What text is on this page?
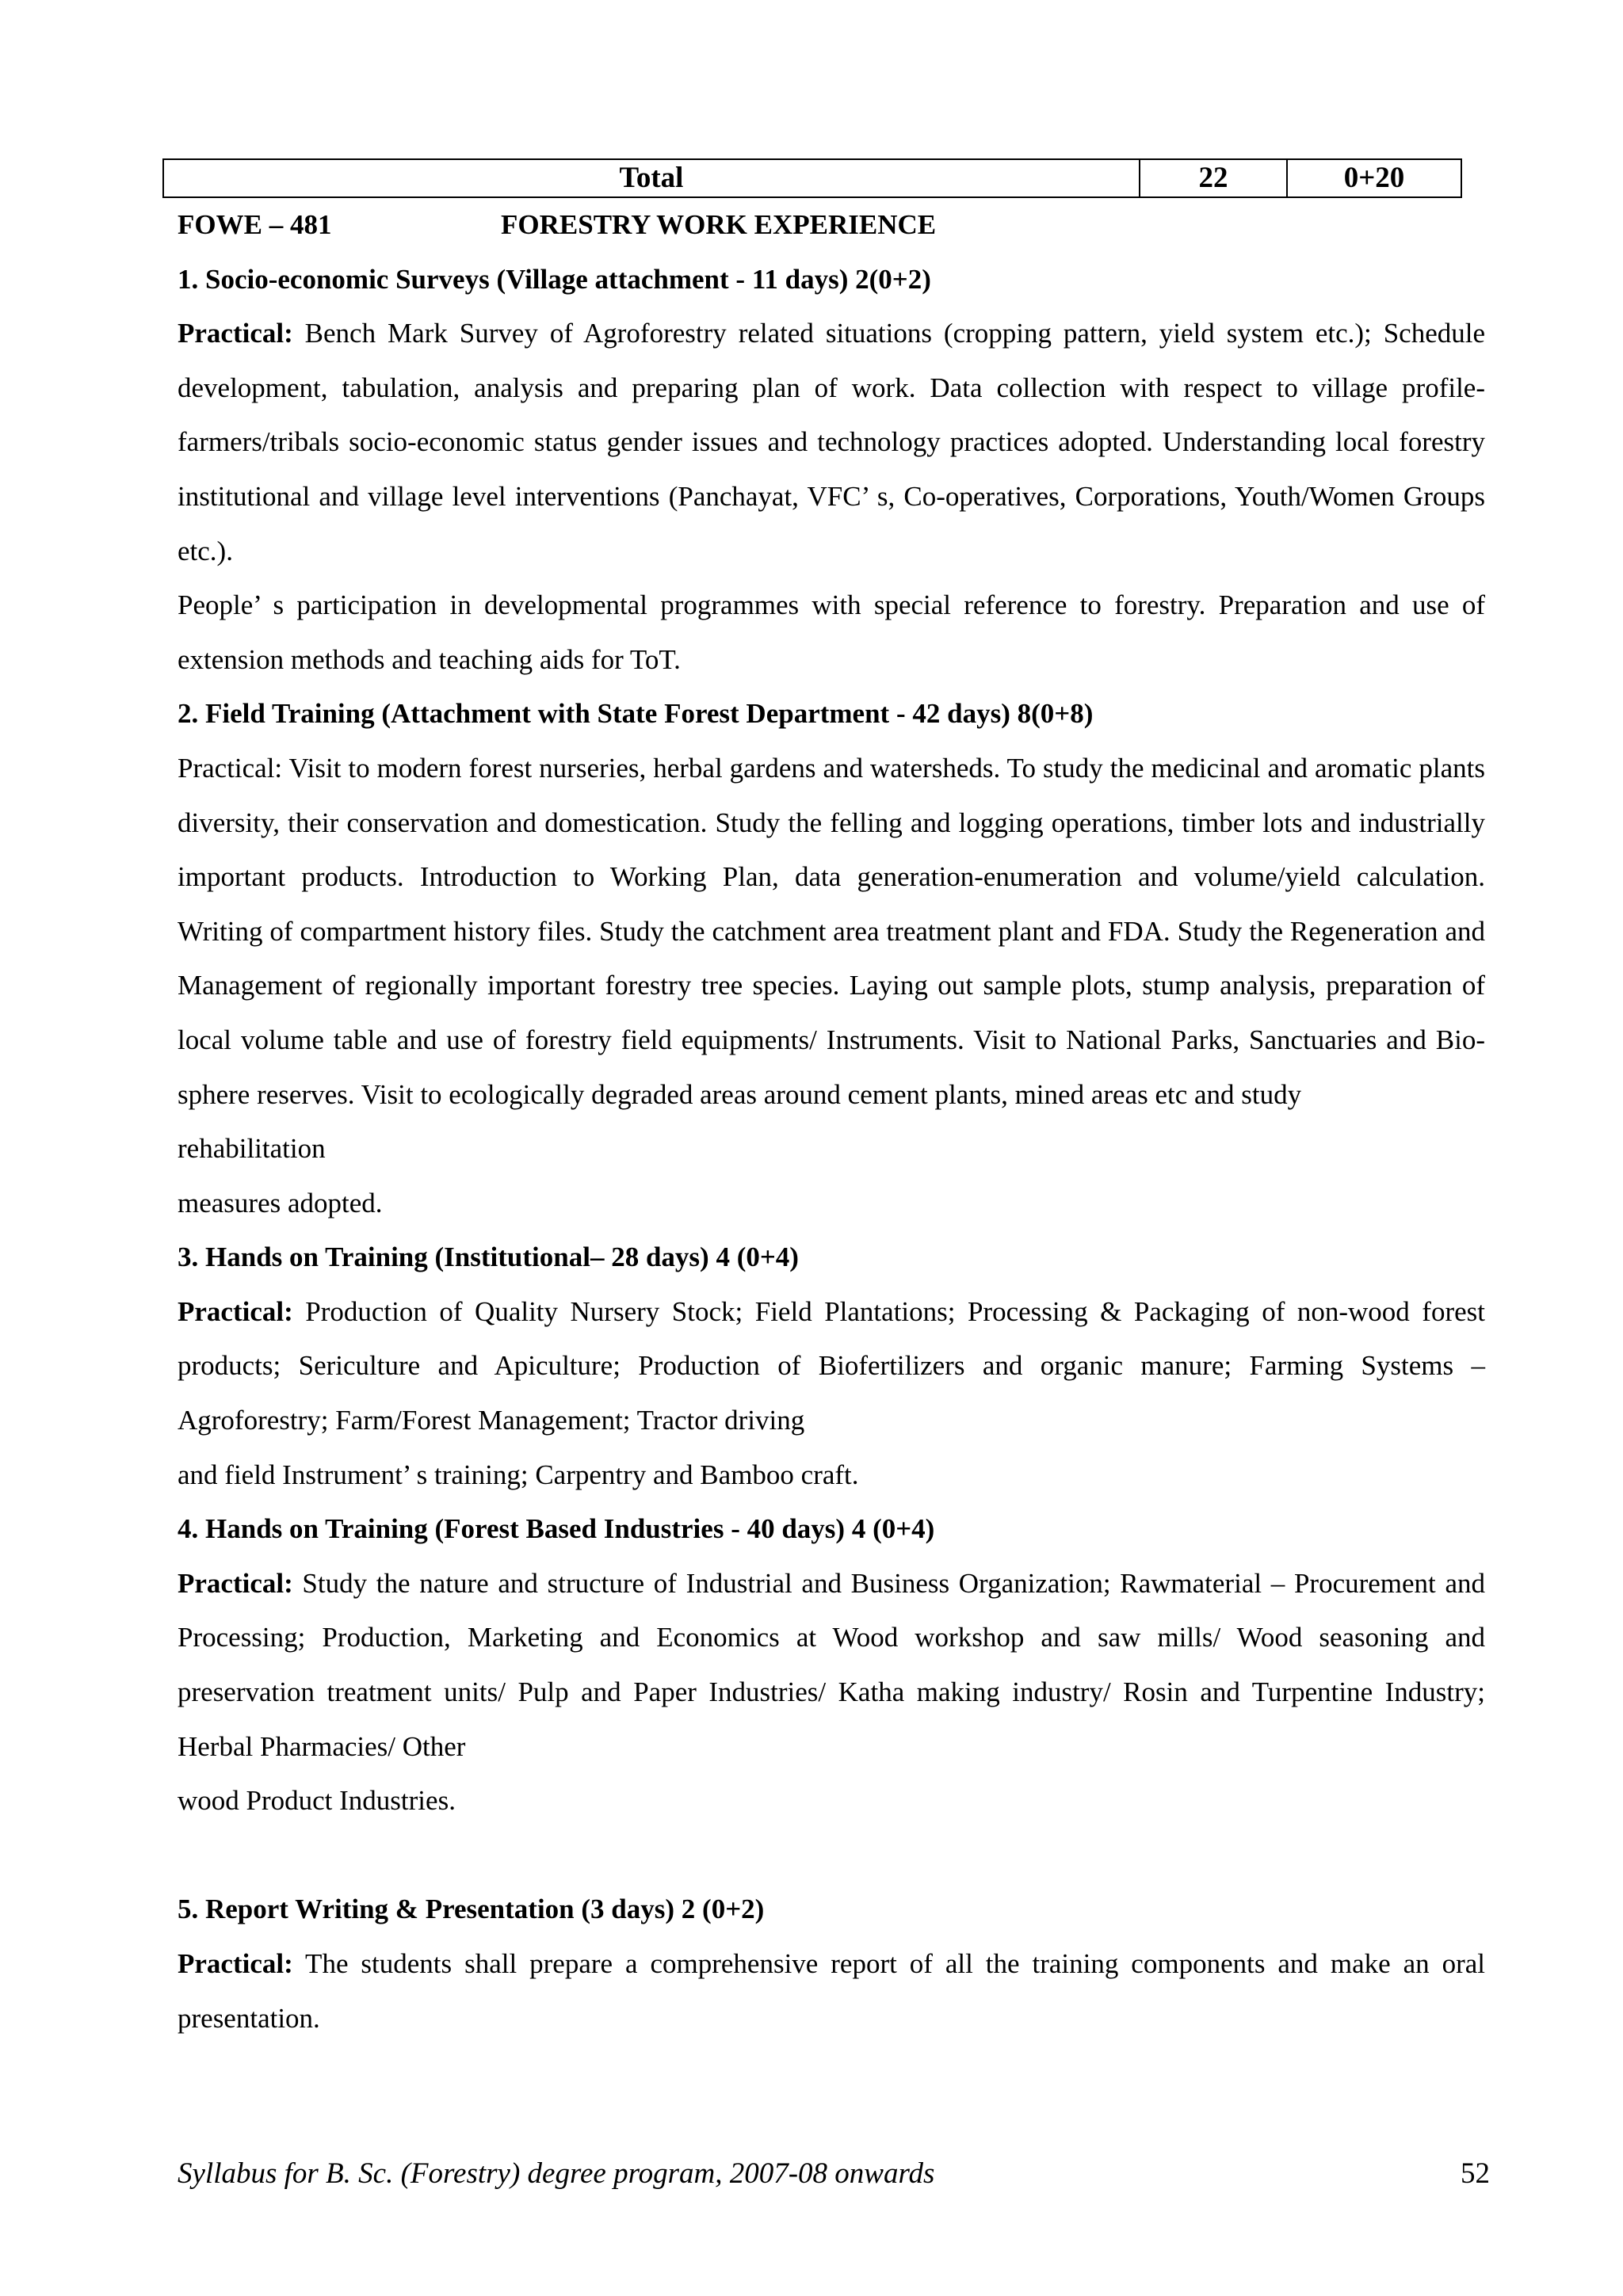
Total	22	0+20
FOWE – 481	FORESTRY WORK EXPERIENCE

1. Socio-economic Surveys (Village attachment - 11 days) 2(0+2)

Practical: Bench Mark Survey of Agroforestry related situations (cropping pattern, yield system etc.); Schedule development, tabulation, analysis and preparing plan of work. Data collection with respect to village profile-farmers/tribals socio-economic status gender issues and technology practices adopted. Understanding local forestry institutional and village level interventions (Panchayat, VFC’ s, Co-operatives, Corporations, Youth/Women Groups etc.).

People’ s participation in developmental programmes with special reference to forestry. Preparation and use of extension methods and teaching aids for ToT.

2. Field Training (Attachment with State Forest Department - 42 days) 8(0+8)

Practical: Visit to modern forest nurseries, herbal gardens and watersheds. To study the medicinal and aromatic plants diversity, their conservation and domestication. Study the felling and logging operations, timber lots and industrially important products. Introduction to Working Plan, data generation-enumeration and volume/yield calculation. Writing of compartment history files. Study the catchment area treatment plant and FDA. Study the Regeneration and Management of regionally important forestry tree species. Laying out sample plots, stump analysis, preparation of local volume table and use of forestry field equipments/ Instruments. Visit to National Parks, Sanctuaries and Bio-sphere reserves. Visit to ecologically degraded areas around cement plants, mined areas etc and study

rehabilitation

measures adopted.

3. Hands on Training (Institutional– 28 days) 4 (0+4)

Practical: Production of Quality Nursery Stock; Field Plantations; Processing & Packaging of non-wood forest products; Sericulture and Apiculture; Production of Biofertilizers and organic manure; Farming Systems – Agroforestry; Farm/Forest Management; Tractor driving

and field Instrument’ s training; Carpentry and Bamboo craft.

4. Hands on Training (Forest Based Industries - 40 days) 4 (0+4)

Practical: Study the nature and structure of Industrial and Business Organization; Rawmaterial – Procurement and Processing; Production, Marketing and Economics at Wood workshop and saw mills/ Wood seasoning and preservation treatment units/ Pulp and Paper Industries/ Katha making industry/ Rosin and Turpentine Industry; Herbal Pharmacies/ Other

wood Product Industries.

5. Report Writing & Presentation (3 days) 2 (0+2)

Practical: The students shall prepare a comprehensive report of all the training components and make an oral presentation.

Syllabus for B. Sc. (Forestry) degree program, 2007-08 onwards	52
